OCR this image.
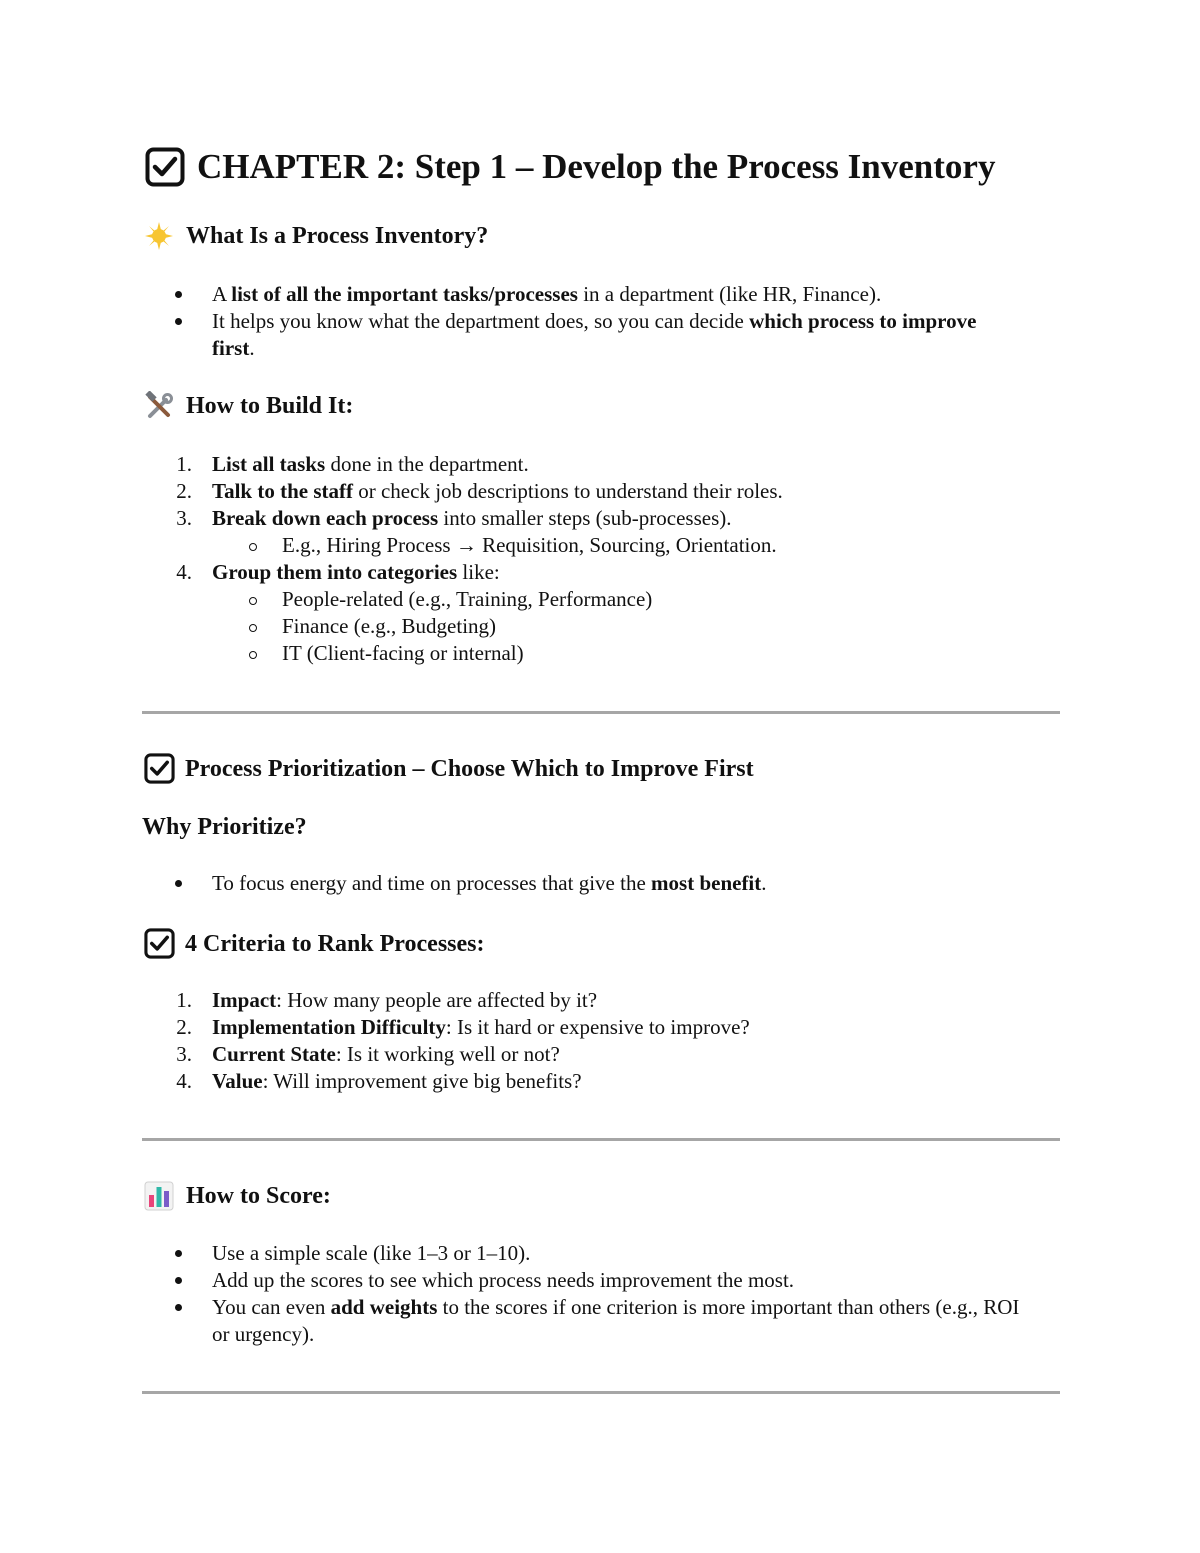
CHAPTER 2: Step 1 – Develop the Process Inventory
What Is a Process Inventory?
A list of all the important tasks/processes in a department (like HR, Finance).
It helps you know what the department does, so you can decide which process to improve first.
How to Build It:
1. List all tasks done in the department.
2. Talk to the staff or check job descriptions to understand their roles.
3. Break down each process into smaller steps (sub-processes).
E.g., Hiring Process → Requisition, Sourcing, Orientation.
4. Group them into categories like:
People-related (e.g., Training, Performance)
Finance (e.g., Budgeting)
IT (Client-facing or internal)
Process Prioritization – Choose Which to Improve First
Why Prioritize?
To focus energy and time on processes that give the most benefit.
4 Criteria to Rank Processes:
1. Impact: How many people are affected by it?
2. Implementation Difficulty: Is it hard or expensive to improve?
3. Current State: Is it working well or not?
4. Value: Will improvement give big benefits?
How to Score:
Use a simple scale (like 1–3 or 1–10).
Add up the scores to see which process needs improvement the most.
You can even add weights to the scores if one criterion is more important than others (e.g., ROI or urgency).
